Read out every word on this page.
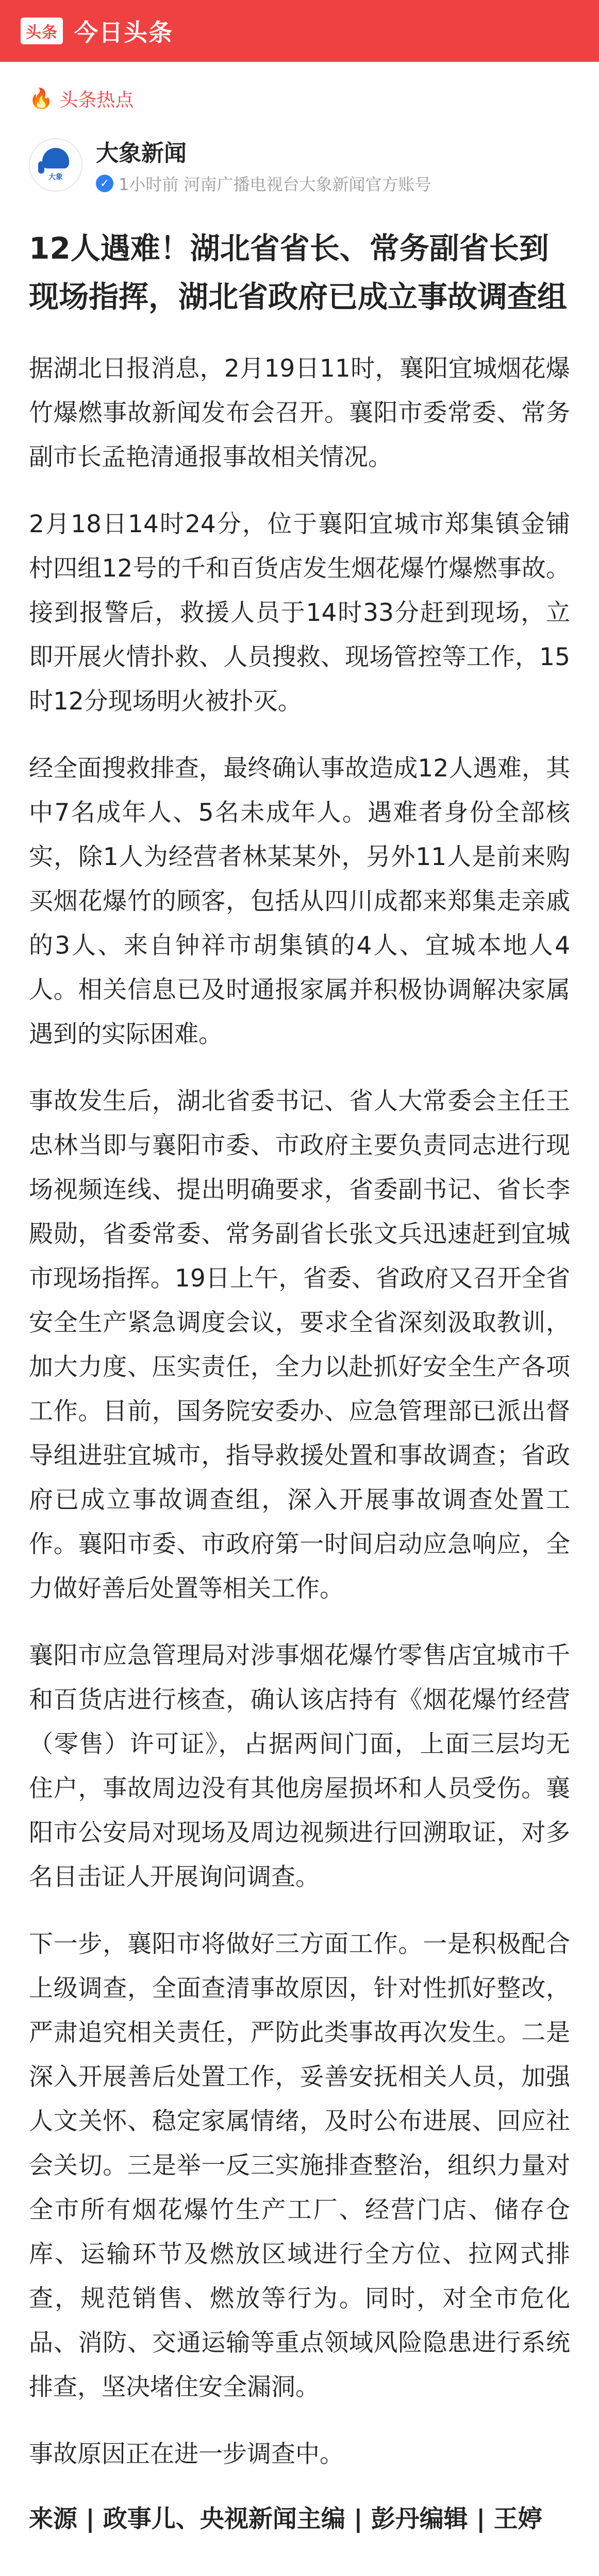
头条 今日头条
🔥 头条热点
大象
大象新闻
✓ 1小时前 河南广播电视台大象新闻官方账号
12人遇难！湖北省省长、常务副省长到现场指挥，湖北省政府已成立事故调查组
据湖北日报消息，2月19日11时，襄阳宜城烟花爆竹爆燃事故新闻发布会召开。襄阳市委常委、常务副市长孟艳清通报事故相关情况。
2月18日14时24分，位于襄阳宜城市郑集镇金铺村四组12号的千和百货店发生烟花爆竹爆燃事故。接到报警后，救援人员于14时33分赶到现场，立即开展火情扑救、人员搜救、现场管控等工作，15时12分现场明火被扑灭。
经全面搜救排查，最终确认事故造成12人遇难，其中7名成年人、5名未成年人。遇难者身份全部核实，除1人为经营者林某某外，另外11人是前来购买烟花爆竹的顾客，包括从四川成都来郑集走亲戚的3人、来自钟祥市胡集镇的4人、宜城本地人4人。相关信息已及时通报家属并积极协调解决家属遇到的实际困难。
事故发生后，湖北省委书记、省人大常委会主任王忠林当即与襄阳市委、市政府主要负责同志进行现场视频连线、提出明确要求，省委副书记、省长李殿勋，省委常委、常务副省长张文兵迅速赶到宜城市现场指挥。19日上午，省委、省政府又召开全省安全生产紧急调度会议，要求全省深刻汲取教训，加大力度、压实责任，全力以赴抓好安全生产各项工作。目前，国务院安委办、应急管理部已派出督导组进驻宜城市，指导救援处置和事故调查；省政府已成立事故调查组，深入开展事故调查处置工作。襄阳市委、市政府第一时间启动应急响应，全力做好善后处置等相关工作。
襄阳市应急管理局对涉事烟花爆竹零售店宜城市千和百货店进行核查，确认该店持有《烟花爆竹经营（零售）许可证》，占据两间门面，上面三层均无住户，事故周边没有其他房屋损坏和人员受伤。襄阳市公安局对现场及周边视频进行回溯取证，对多名目击证人开展询问调查。
下一步，襄阳市将做好三方面工作。一是积极配合上级调查，全面查清事故原因，针对性抓好整改，严肃追究相关责任，严防此类事故再次发生。二是深入开展善后处置工作，妥善安抚相关人员，加强人文关怀、稳定家属情绪，及时公布进展、回应社会关切。三是举一反三实施排查整治，组织力量对全市所有烟花爆竹生产工厂、经营门店、储存仓库、运输环节及燃放区域进行全方位、拉网式排查，规范销售、燃放等行为。同时，对全市危化品、消防、交通运输等重点领域风险隐患进行系统排查，坚决堵住安全漏洞。
事故原因正在进一步调查中。
来源 | 政事儿、央视新闻主编 | 彭丹编辑 | 王婷
